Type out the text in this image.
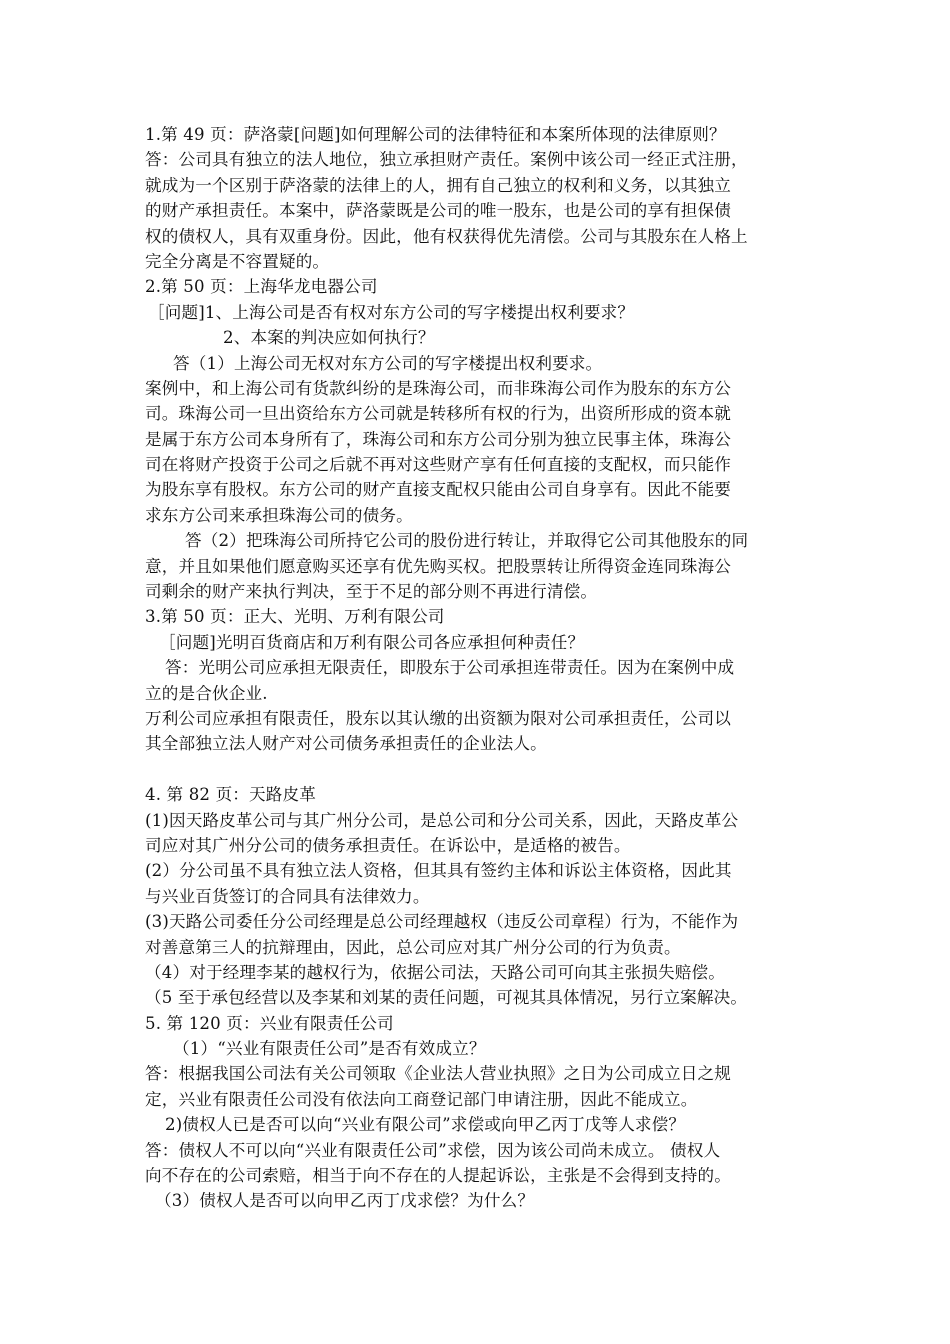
1.第 49 页：萨洛蒙[问题]如何理解公司的法律特征和本案所体现的法律原则？
答：公司具有独立的法人地位，独立承担财产责任。案例中该公司一经正式注册，
就成为一个区别于萨洛蒙的法律上的人，拥有自己独立的权利和义务，以其独立
的财产承担责任。本案中，萨洛蒙既是公司的唯一股东，也是公司的享有担保债
权的债权人，具有双重身份。因此，他有权获得优先清偿。公司与其股东在人格上
完全分离是不容置疑的。
2.第 50 页：上海华龙电器公司
［问题]1、上海公司是否有权对东方公司的写字楼提出权利要求？
2、本案的判决应如何执行？
答（1）上海公司无权对东方公司的写字楼提出权利要求。
案例中，和上海公司有货款纠纷的是珠海公司，而非珠海公司作为股东的东方公
司。珠海公司一旦出资给东方公司就是转移所有权的行为，出资所形成的资本就
是属于东方公司本身所有了，珠海公司和东方公司分别为独立民事主体，珠海公
司在将财产投资于公司之后就不再对这些财产享有任何直接的支配权，而只能作
为股东享有股权。东方公司的财产直接支配权只能由公司自身享有。因此不能要
求东方公司来承担珠海公司的债务。
答（2）把珠海公司所持它公司的股份进行转让，并取得它公司其他股东的同
意，并且如果他们愿意购买还享有优先购买权。把股票转让所得资金连同珠海公
司剩余的财产来执行判决，至于不足的部分则不再进行清偿。
3.第 50 页：正大、光明、万利有限公司
［问题]光明百货商店和万利有限公司各应承担何种责任？
答：光明公司应承担无限责任，即股东于公司承担连带责任。因为在案例中成
立的是合伙企业.
万利公司应承担有限责任，股东以其认缴的出资额为限对公司承担责任，公司以
其全部独立法人财产对公司债务承担责任的企业法人。
4. 第 82 页：天路皮革
(1)因天路皮革公司与其广州分公司，是总公司和分公司关系，因此，天路皮革公
司应对其广州分公司的债务承担责任。在诉讼中，是适格的被告。
(2）分公司虽不具有独立法人资格，但其具有签约主体和诉讼主体资格，因此其
与兴业百货签订的合同具有法律效力。
(3)天路公司委任分公司经理是总公司经理越权（违反公司章程）行为，不能作为
对善意第三人的抗辩理由，因此，总公司应对其广州分公司的行为负责。
（4）对于经理李某的越权行为，依据公司法，天路公司可向其主张损失赔偿。
（5 至于承包经营以及李某和刘某的责任问题，可视其具体情况，另行立案解决。
5. 第 120 页：兴业有限责任公司
（1）“兴业有限责任公司”是否有效成立？
答：根据我国公司法有关公司领取《企业法人营业执照》之日为公司成立日之规
定，兴业有限责任公司没有依法向工商登记部门申请注册，因此不能成立。
2)债权人已是否可以向“兴业有限公司”求偿或向甲乙丙丁戊等人求偿？
答：债权人不可以向“兴业有限责任公司”求偿，因为该公司尚未成立。 债权人
向不存在的公司索赔，相当于向不存在的人提起诉讼，主张是不会得到支持的。
（3）债权人是否可以向甲乙丙丁戊求偿？为什么？
